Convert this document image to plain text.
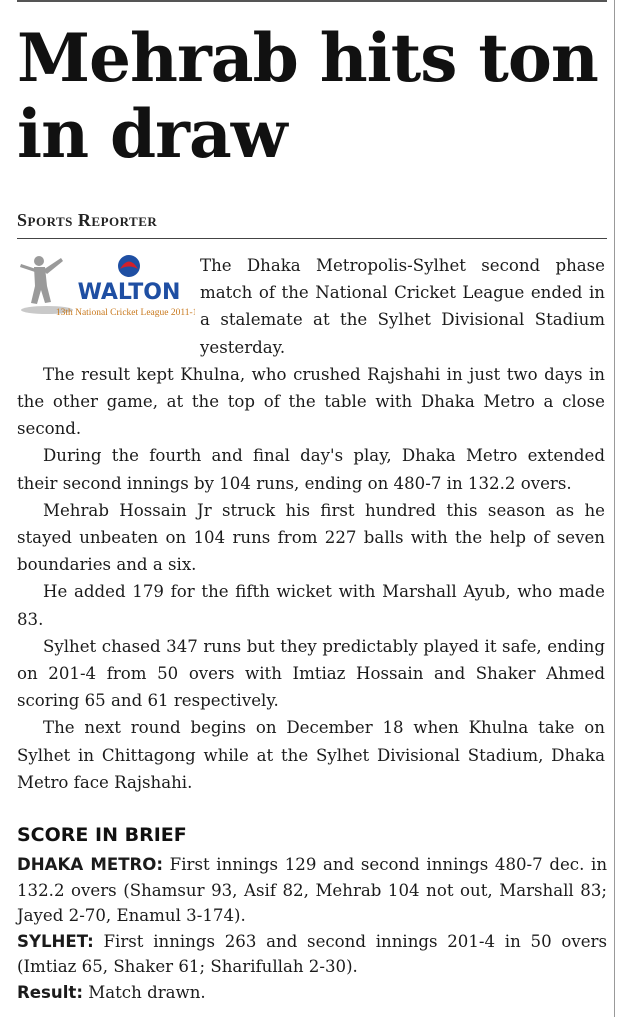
Mehrab hits ton in draw
Sports Reporter
WALTON
13th National Cricket League 2011-12

The Dhaka Metropolis-Sylhet second phase match of the National Cricket League ended in a stalemate at the Sylhet Divisional Stadium yesterday.

The result kept Khulna, who crushed Rajshahi in just two days in the other game, at the top of the table with Dhaka Metro a close second.

During the fourth and final day's play, Dhaka Metro extended their second innings by 104 runs, ending on 480-7 in 132.2 overs.

Mehrab Hossain Jr struck his first hundred this season as he stayed unbeaten on 104 runs from 227 balls with the help of seven boundaries and a six.

He added 179 for the fifth wicket with Marshall Ayub, who made 83.

Sylhet chased 347 runs but they predictably played it safe, ending on 201-4 from 50 overs with Imtiaz Hossain and Shaker Ahmed scoring 65 and 61 respectively.

The next round begins on December 18 when Khulna take on Sylhet in Chittagong while at the Sylhet Divisional Stadium, Dhaka Metro face Rajshahi.

SCORE IN BRIEF

DHAKA METRO: First innings 129 and second innings 480-7 dec. in 132.2 overs (Shamsur 93, Asif 82, Mehrab 104 not out, Marshall 83; Jayed 2-70, Enamul 3-174).

SYLHET: First innings 263 and second innings 201-4 in 50 overs (Imtiaz 65, Shaker 61; Sharifullah 2-30).

Result: Match drawn.
